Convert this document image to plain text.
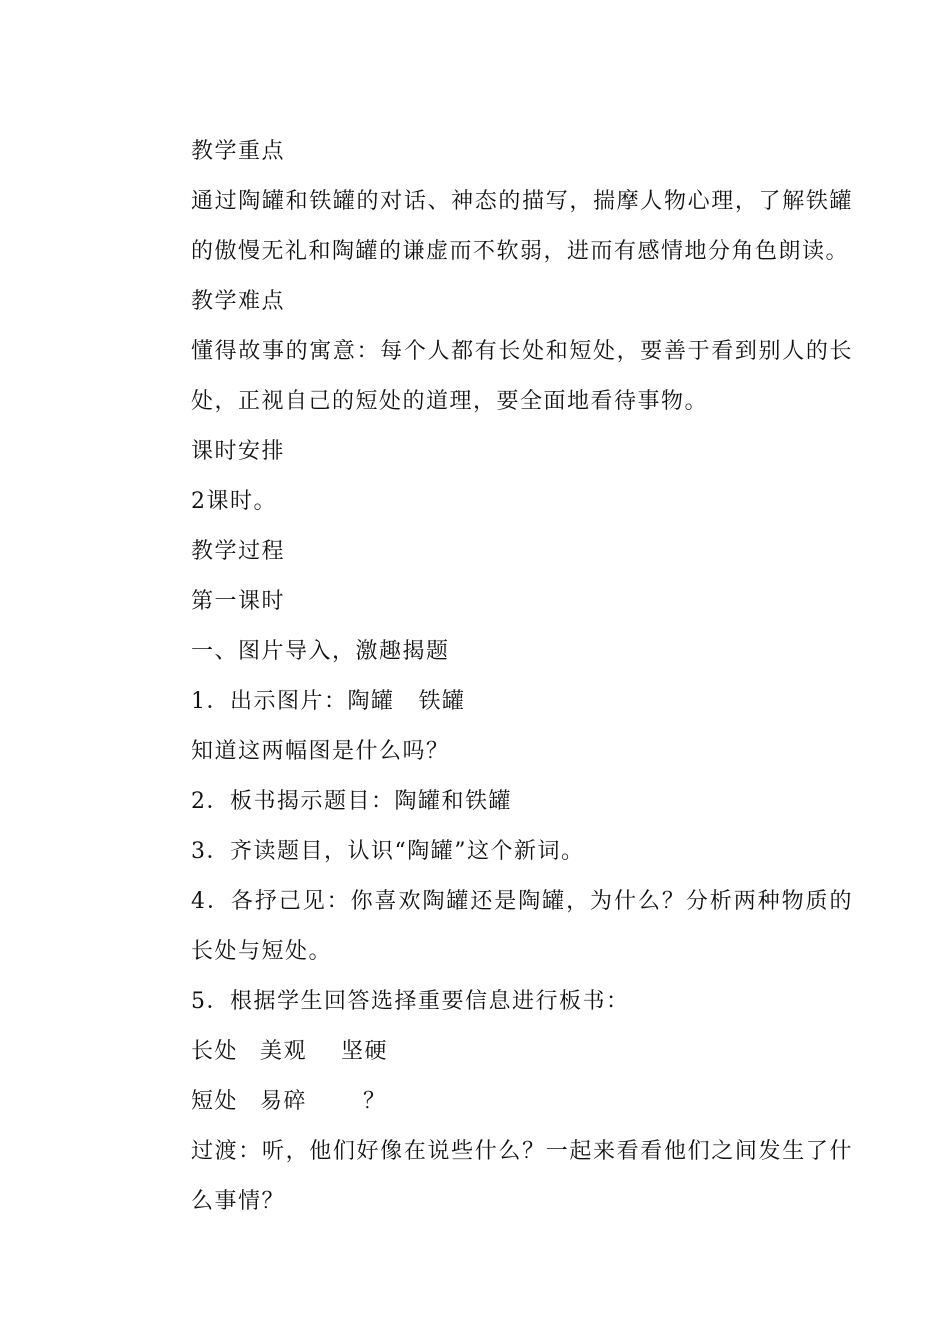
教学重点

通过陶罐和铁罐的对话、神态的描写，揣摩人物心理，了解铁罐的傲慢无礼和陶罐的谦虚而不软弱，进而有感情地分角色朗读。

教学难点

懂得故事的寓意：每个人都有长处和短处，要善于看到别人的长处，正视自己的短处的道理，要全面地看待事物。

课时安排

2课时。

教学过程

第一课时

一、图片导入，激趣揭题

1．出示图片：陶罐 铁罐

知道这两幅图是什么吗？

2．板书揭示题目：陶罐和铁罐

3．齐读题目，认识“陶罐”这个新词。

4．各抒己见：你喜欢陶罐还是陶罐，为什么？分析两种物质的长处与短处。

5．根据学生回答选择重要信息进行板书：

长处 美观 坚硬

短处 易碎	？

过渡：听，他们好像在说些什么？一起来看看他们之间发生了什么事情？
